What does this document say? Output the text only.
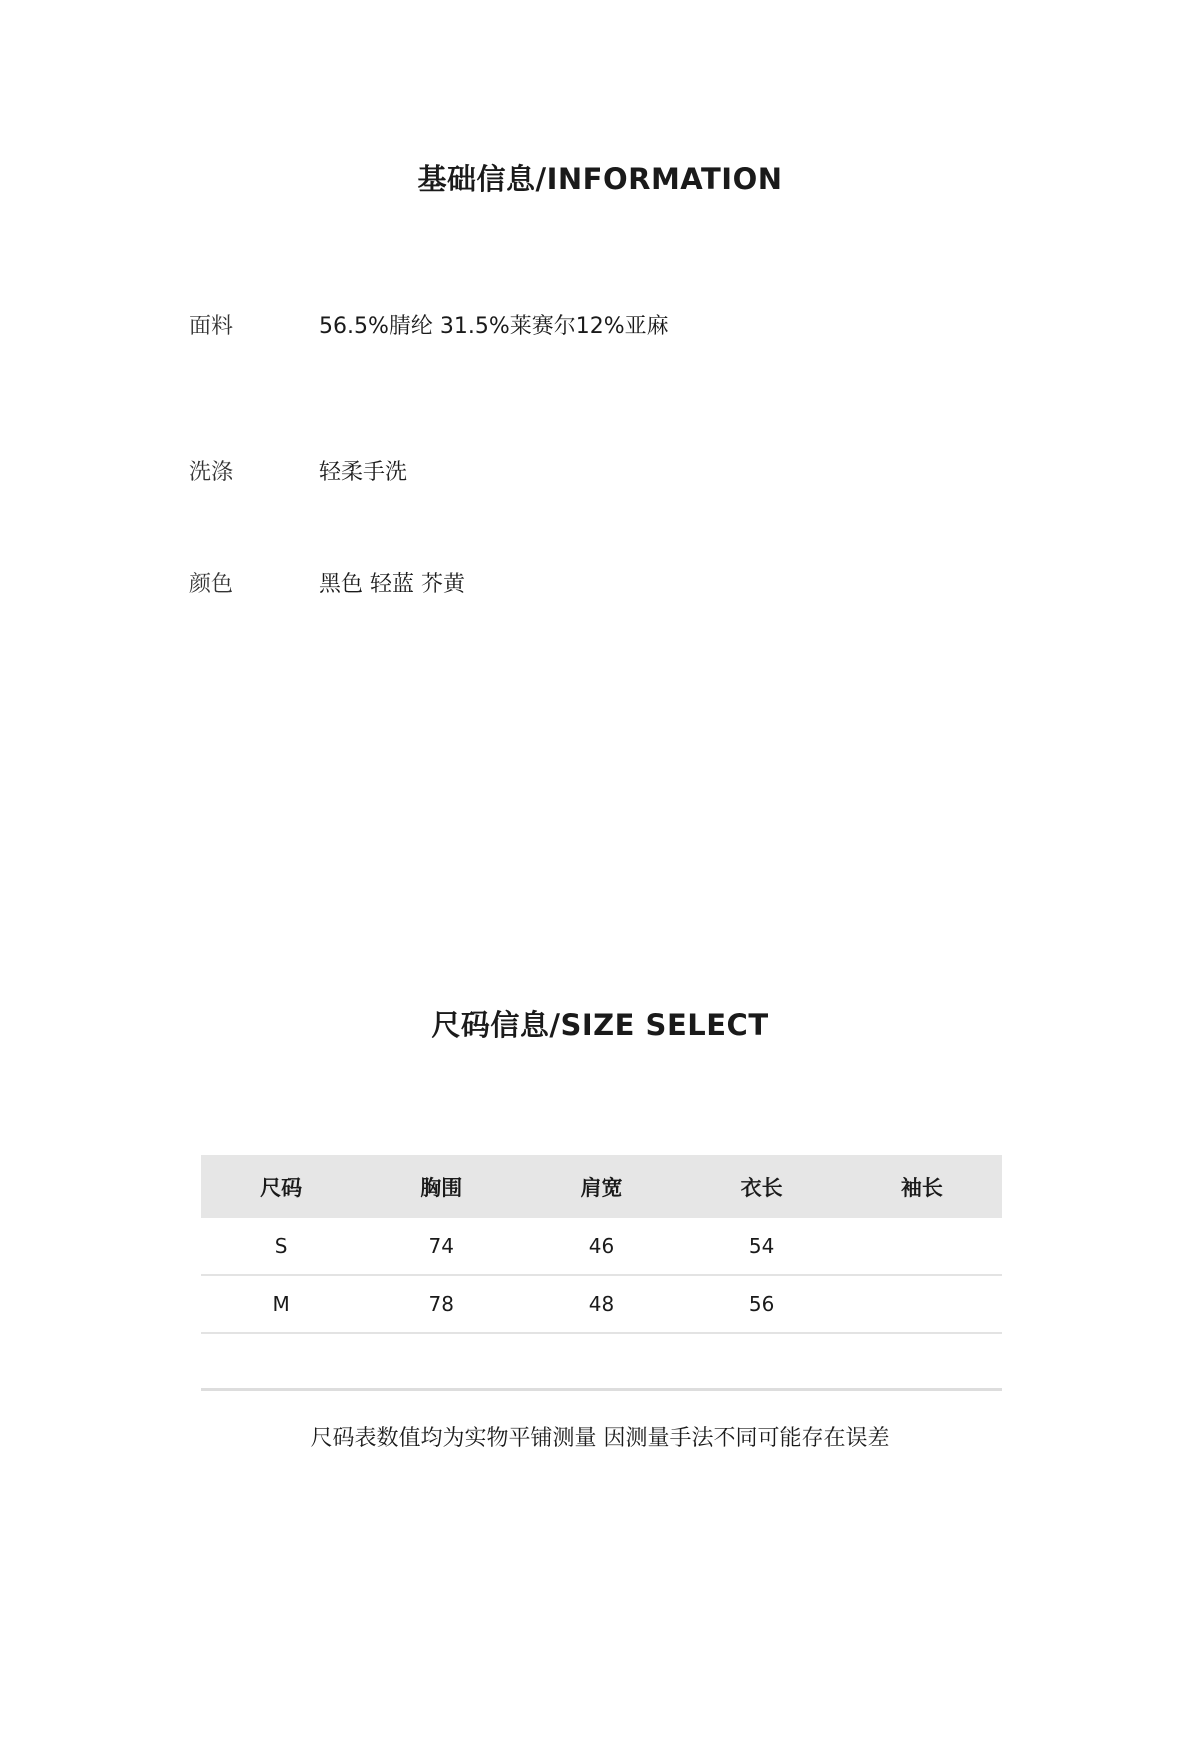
基础信息/INFORMATION
面料	56.5%腈纶 31.5%莱赛尔12%亚麻
洗涤	轻柔手洗
颜色	黑色 轻蓝 芥黄
尺码信息/SIZE SELECT
尺码	胸围	肩宽	衣长	袖长
S	74	46	54	
M	78	48	56	

尺码表数值均为实物平铺测量 因测量手法不同可能存在误差
